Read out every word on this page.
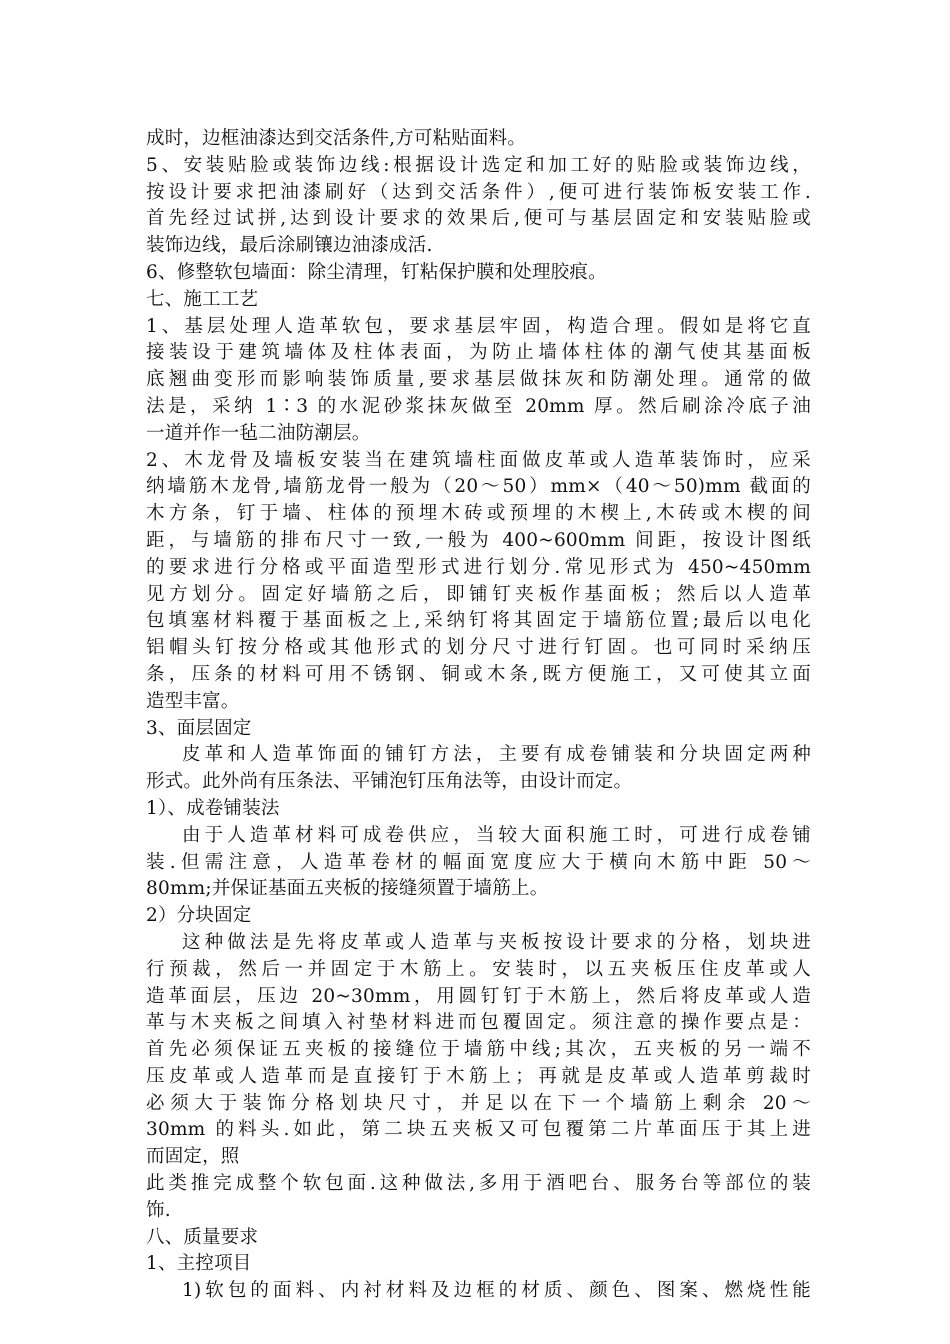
成时，边框油漆达到交活条件,方可粘贴面料。
5、安装贴脸或装饰边线:根据设计选定和加工好的贴脸或装饰边线，
按设计要求把油漆刷好（达到交活条件）,便可进行装饰板安装工作.
首先经过试拼,达到设计要求的效果后,便可与基层固定和安装贴脸或
装饰边线，最后涂刷镶边油漆成活.
6、修整软包墙面：除尘清理，钉粘保护膜和处理胶痕。
七、施工工艺
1、基层处理人造革软包，要求基层牢固，构造合理。假如是将它直
接装设于建筑墙体及柱体表面，为防止墙体柱体的潮气使其基面板
底翘曲变形而影响装饰质量,要求基层做抹灰和防潮处理。通常的做
法是，采纳 1∶3 的水泥砂浆抹灰做至 20mm 厚。然后刷涂冷底子油
一道并作一毡二油防潮层。
2、木龙骨及墙板安装当在建筑墙柱面做皮革或人造革装饰时，应采
纳墙筋木龙骨,墙筋龙骨一般为（20～50）mm×（40～50)mm 截面的
木方条，钉于墙、柱体的预埋木砖或预埋的木楔上,木砖或木楔的间
距，与墙筋的排布尺寸一致,一般为 400~600mm 间距，按设计图纸
的要求进行分格或平面造型形式进行划分.常见形式为 450~450mm
见方划分。固定好墙筋之后，即铺钉夹板作基面板；然后以人造革
包填塞材料覆于基面板之上,采纳钉将其固定于墙筋位置;最后以电化
铝帽头钉按分格或其他形式的划分尺寸进行钉固。也可同时采纳压
条，压条的材料可用不锈钢、铜或木条,既方便施工，又可使其立面
造型丰富。
3、面层固定
皮革和人造革饰面的铺钉方法，主要有成卷铺装和分块固定两种
形式。此外尚有压条法、平铺泡钉压角法等，由设计而定。
1）、成卷铺装法
由于人造革材料可成卷供应，当较大面积施工时，可进行成卷铺
装.但需注意，人造革卷材的幅面宽度应大于横向木筋中距 50～
80mm;并保证基面五夹板的接缝须置于墙筋上。
2）分块固定
这种做法是先将皮革或人造革与夹板按设计要求的分格，划块进
行预裁，然后一并固定于木筋上。安装时，以五夹板压住皮革或人
造革面层，压边 20~30mm，用圆钉钉于木筋上，然后将皮革或人造
革与木夹板之间填入衬垫材料进而包覆固定。须注意的操作要点是：
首先必须保证五夹板的接缝位于墙筋中线;其次，五夹板的另一端不
压皮革或人造革而是直接钉于木筋上；再就是皮革或人造革剪裁时
必须大于装饰分格划块尺寸，并足以在下一个墙筋上剩余 20～
30mm 的料头.如此，第二块五夹板又可包覆第二片革面压于其上进
而固定，照
此类推完成整个软包面.这种做法,多用于酒吧台、服务台等部位的装
饰.
八、质量要求
1、主控项目
1)软包的面料、内衬材料及边框的材质、颜色、图案、燃烧性能
